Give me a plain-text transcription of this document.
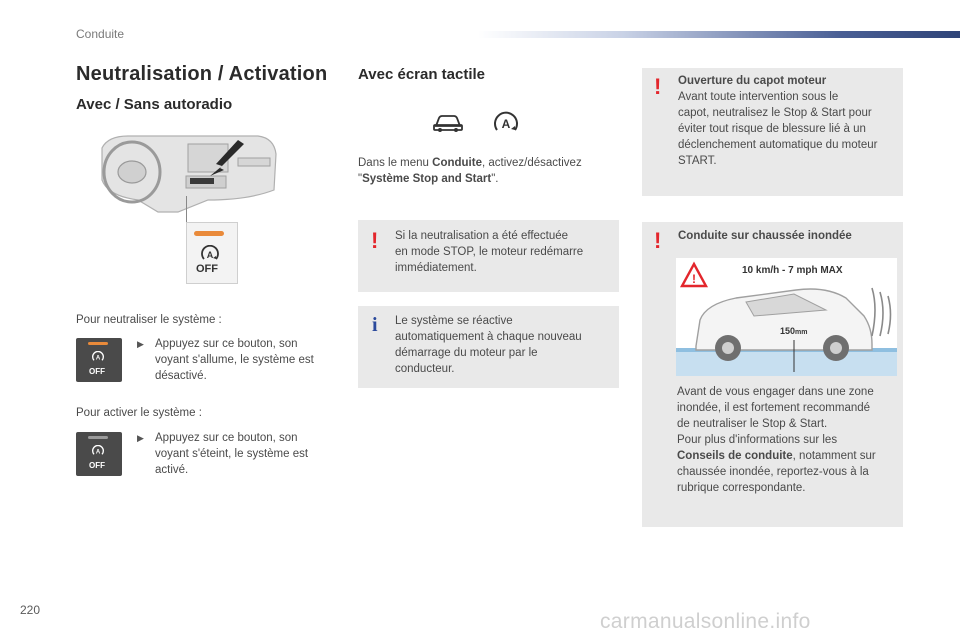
Conduite
Neutralisation / Activation
Avec / Sans autoradio
A
OFF
Pour neutraliser le système :
A
OFF
▶ Appuyez sur ce bouton, son
voyant s'allume, le système est
désactivé.
Pour activer le système :
A
OFF
▶ Appuyez sur ce bouton, son
voyant s'éteint, le système est
activé.
Avec écran tactile
A
Dans le menu Conduite, activez/désactivez
"Système Stop and Start".
! Si la neutralisation a été effectuée
en mode STOP, le moteur redémarre
immédiatement.
i Le système se réactive
automatiquement à chaque nouveau
démarrage du moteur par le
conducteur.
! Ouverture du capot moteur
Avant toute intervention sous le
capot, neutralisez le Stop & Start pour
éviter tout risque de blessure lié à un
déclenchement automatique du moteur
START.
! Conduite sur chaussée inondée
!
10 km/h - 7 mph MAX
150mm
Avant de vous engager dans une zone
inondée, il est fortement recommandé
de neutraliser le Stop & Start.
Pour plus d'informations sur les
Conseils de conduite, notamment sur
chaussée inondée, reportez-vous à la
rubrique correspondante.
220	carmanualsonline.info
